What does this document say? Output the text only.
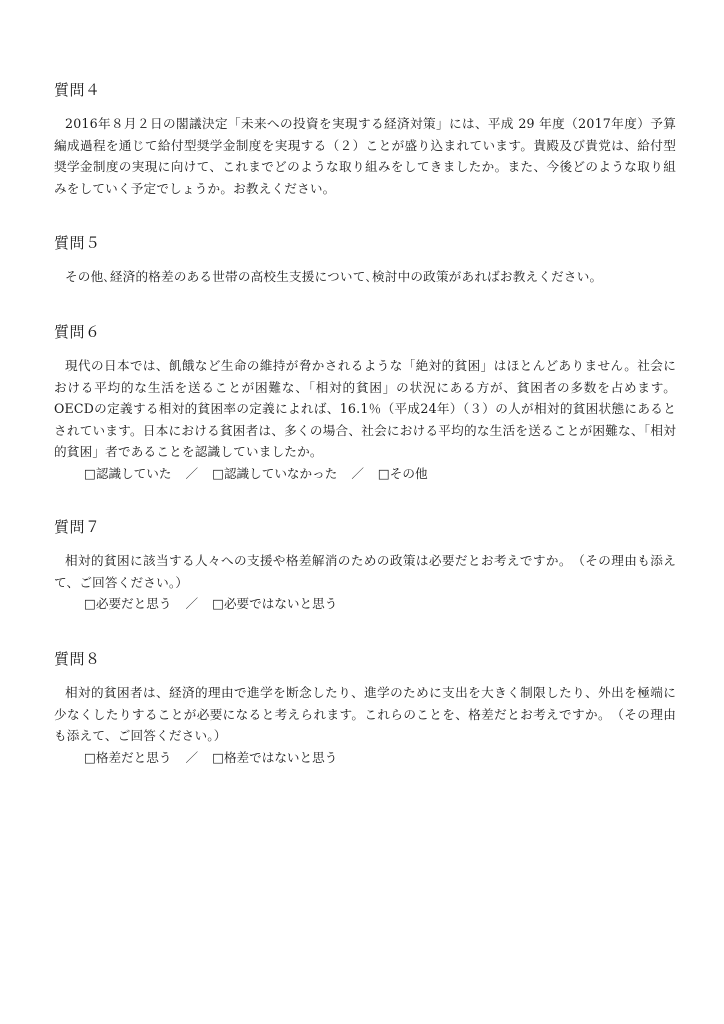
質問４

2016年８月２日の閣議決定「未来への投資を実現する経済対策」には、平成 29 年度（2017年度）予算編成過程を通じて給付型奨学金制度を実現する（２）ことが盛り込まれています。貴殿及び貴党は、給付型奨学金制度の実現に向けて、これまでどのような取り組みをしてきましたか。また、今後どのような取り組みをしていく予定でしょうか。お教えください。

質問５

その他､経済的格差のある世帯の高校生支援について､検討中の政策があればお教えください。

質問６

現代の日本では、飢餓など生命の維持が脅かされるような「絶対的貧困」はほとんどありません。社会における平均的な生活を送ることが困難な、「相対的貧困」の状況にある方が、貧困者の多数を占めます。OECDの定義する相対的貧困率の定義によれば、16.1％（平成24年）（３）の人が相対的貧困状態にあるとされています。日本における貧困者は、多くの場合、社会における平均的な生活を送ることが困難な、「相対的貧困」者であることを認識していましたか。

□認識していた ／ □認識していなかった ／ □その他
質問７

相対的貧困に該当する人々への支援や格差解消のための政策は必要だとお考えですか。　（その理由も添えて、ご回答ください。）

□必要だと思う ／ □必要ではないと思う
質問８

相対的貧困者は、経済的理由で進学を断念したり、進学のために支出を大きく制限したり、外出を極端に少なくしたりすることが必要になると考えられます。これらのことを、格差だとお考えですか。　（その理由も添えて、ご回答ください。）

□格差だと思う ／ □格差ではないと思う
